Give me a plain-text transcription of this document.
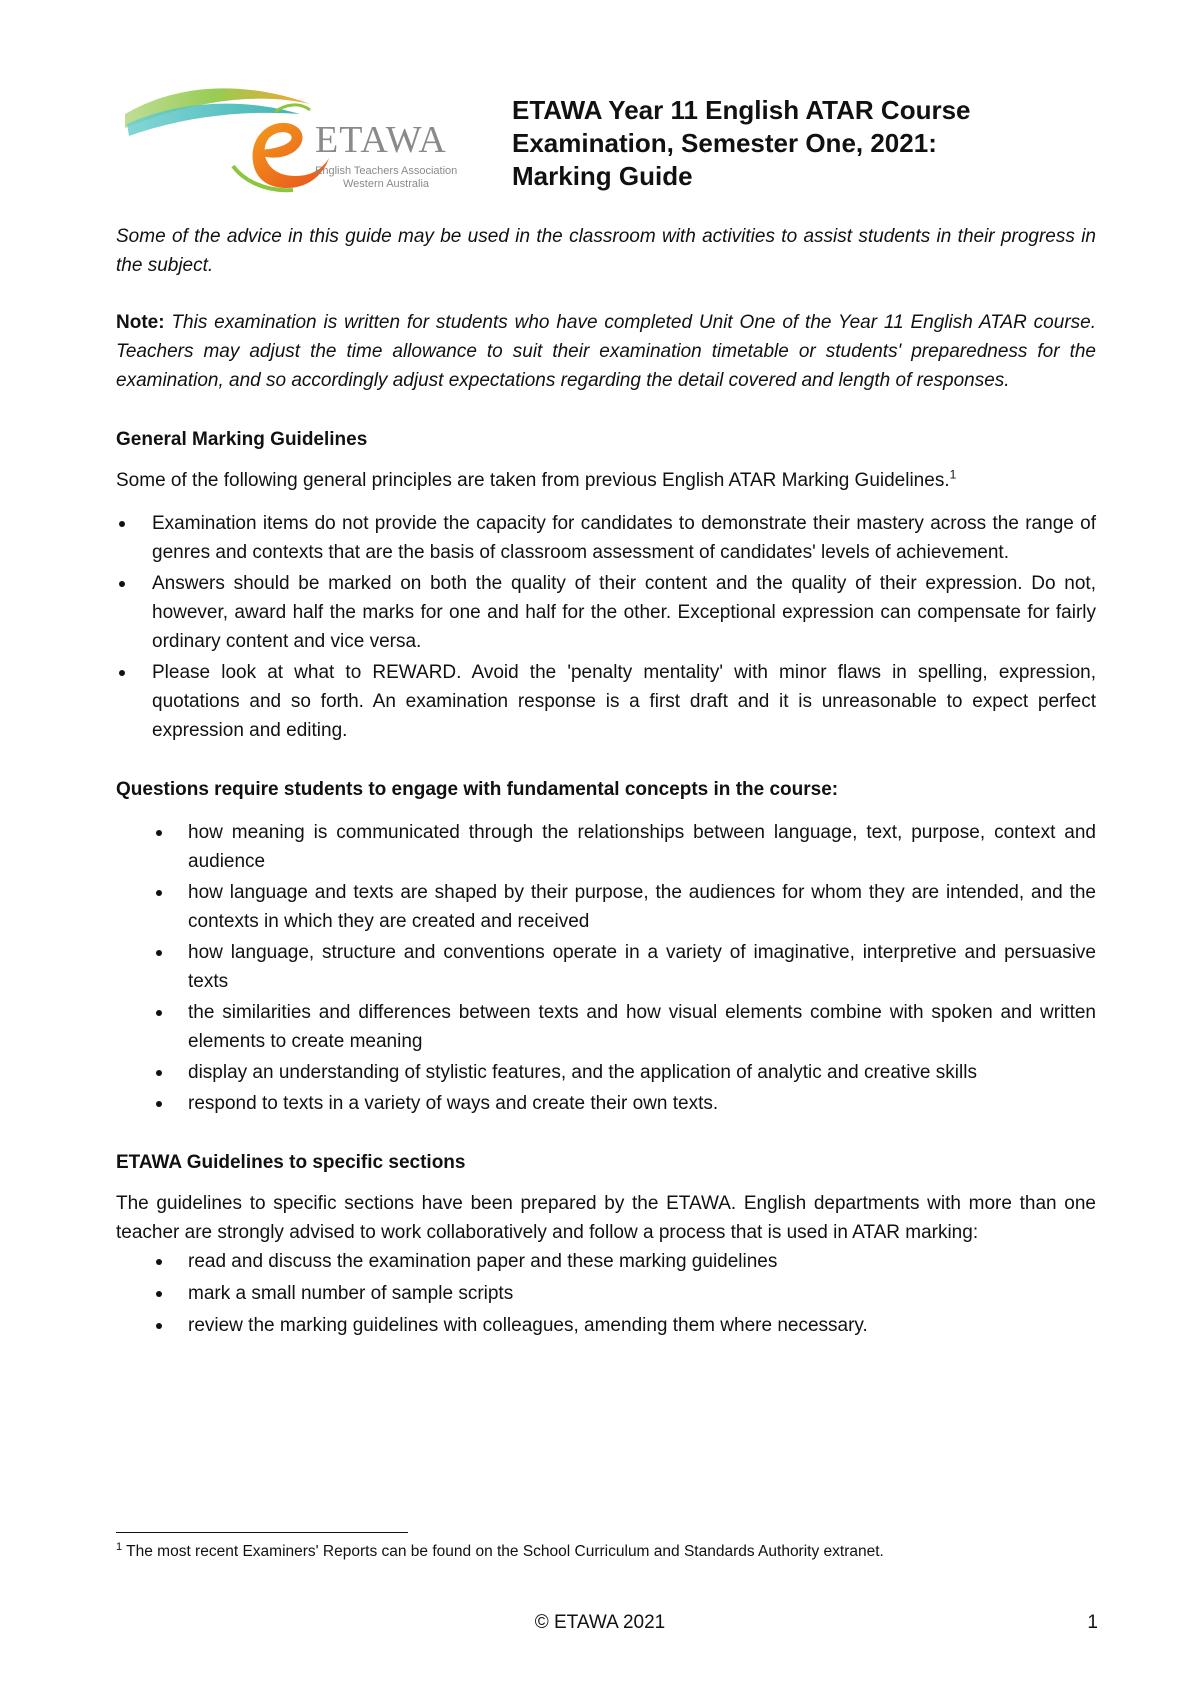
ETAWA
English Teachers Association
Western Australia
ETAWA Year 11 English ATAR Course
Examination, Semester One, 2021:
Marking Guide

Some of the advice in this guide may be used in the classroom with activities to assist students in their progress in the subject.

Note: This examination is written for students who have completed Unit One of the Year 11 English ATAR course. Teachers may adjust the time allowance to suit their examination timetable or students' preparedness for the examination, and so accordingly adjust expectations regarding the detail covered and length of responses.

General Marking Guidelines

Some of the following general principles are taken from previous English ATAR Marking Guidelines.$^1$

Examination items do not provide the capacity for candidates to demonstrate their mastery across the range of genres and contexts that are the basis of classroom assessment of candidates' levels of achievement.
Answers should be marked on both the quality of their content and the quality of their expression. Do not, however, award half the marks for one and half for the other. Exceptional expression can compensate for fairly ordinary content and vice versa.
Please look at what to REWARD. Avoid the 'penalty mentality' with minor flaws in spelling, expression, quotations and so forth. An examination response is a first draft and it is unreasonable to expect perfect expression and editing.
Questions require students to engage with fundamental concepts in the course:
how meaning is communicated through the relationships between language, text, purpose, context and audience
how language and texts are shaped by their purpose, the audiences for whom they are intended, and the contexts in which they are created and received
how language, structure and conventions operate in a variety of imaginative, interpretive and persuasive texts
the similarities and differences between texts and how visual elements combine with spoken and written elements to create meaning
display an understanding of stylistic features, and the application of analytic and creative skills
respond to texts in a variety of ways and create their own texts.
ETAWA Guidelines to specific sections

The guidelines to specific sections have been prepared by the ETAWA. English departments with more than one teacher are strongly advised to work collaboratively and follow a process that is used in ATAR marking:

read and discuss the examination paper and these marking guidelines
mark a small number of sample scripts
review the marking guidelines with colleagues, amending them where necessary.
$^1$ The most recent Examiners' Reports can be found on the School Curriculum and Standards Authority extranet.
© ETAWA 2021	1
